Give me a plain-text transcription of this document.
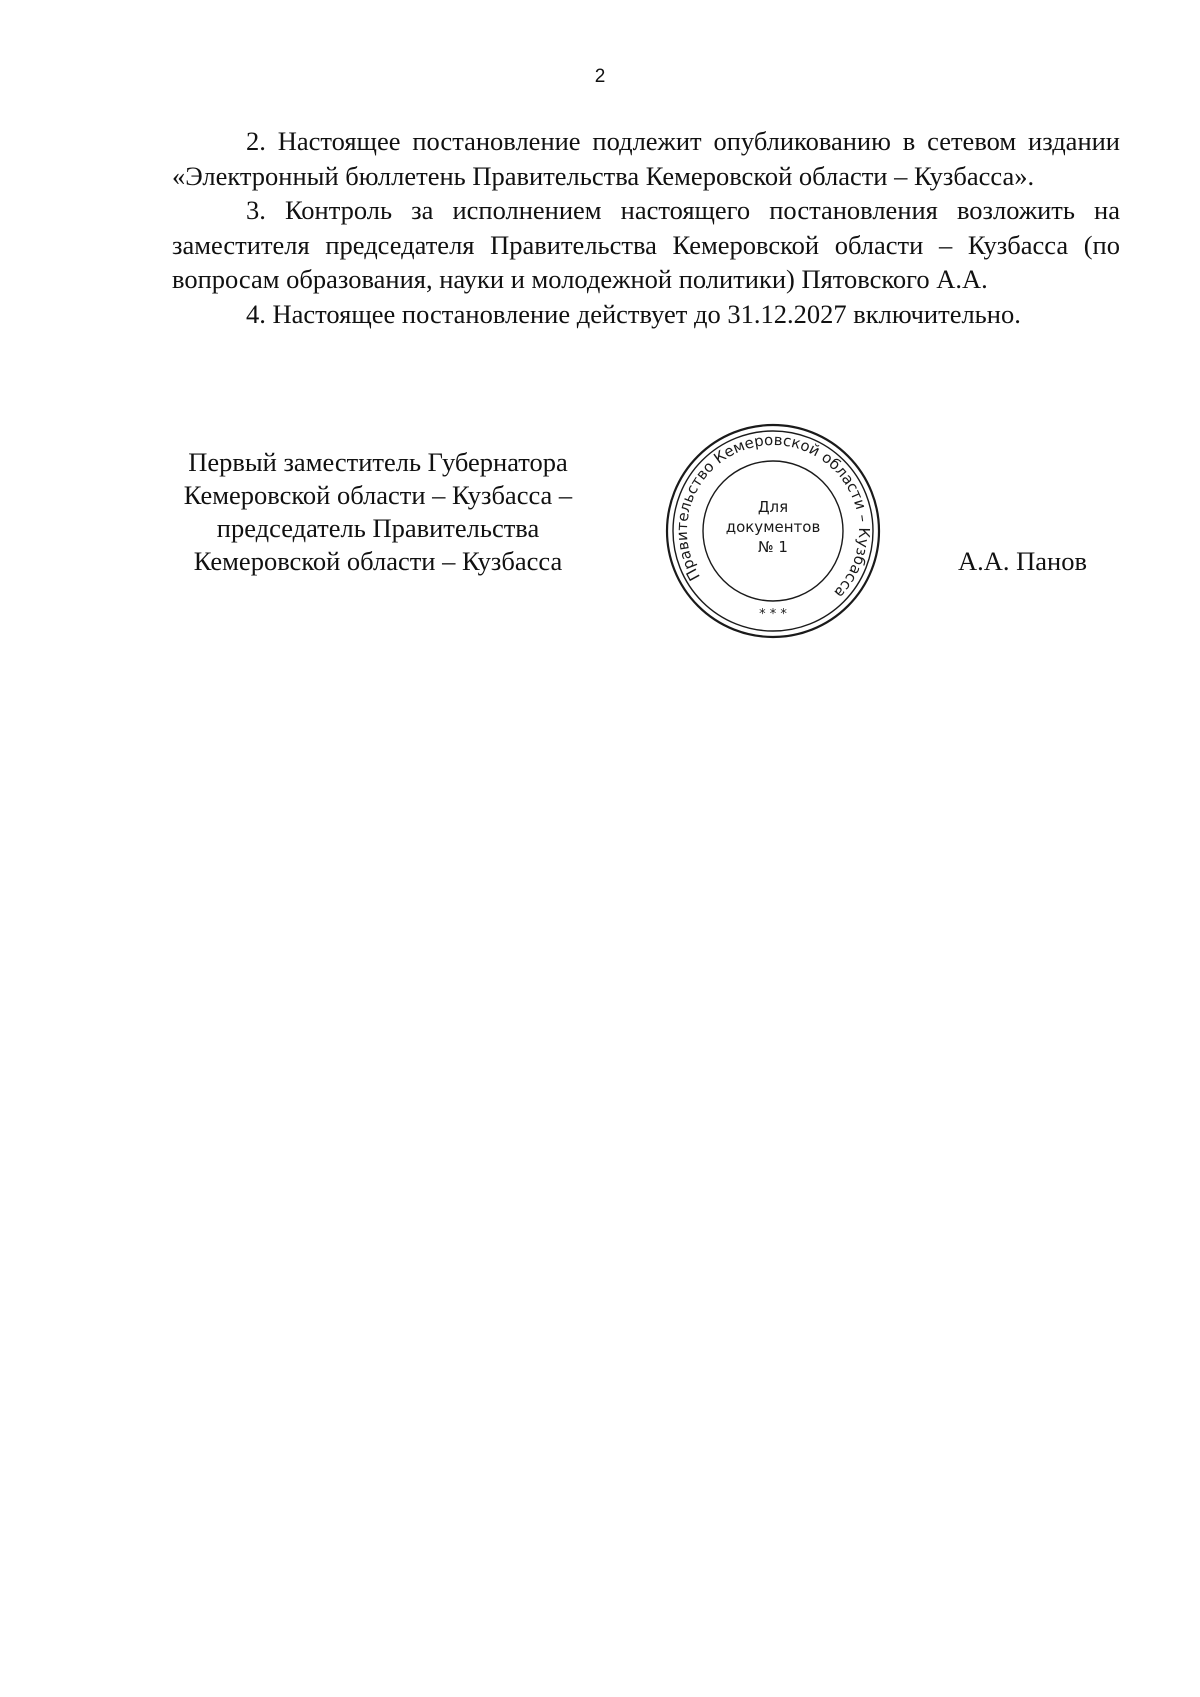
2

2. Настоящее постановление подлежит опубликованию в сетевом издании «Электронный бюллетень Правительства Кемеровской области – Кузбасса».

3. Контроль за исполнением настоящего постановления возложить на заместителя председателя Правительства Кемеровской области – Кузбасса (по вопросам образования, науки и молодежной политики) Пятовского А.А.

4. Настоящее постановление действует до 31.12.2027 включительно.

Первый заместитель Губернатора
Кемеровской области – Кузбасса –
председатель Правительства
Кемеровской области – Кузбасса	Правительство Кемеровской области – Кузбасса
Для
документов
№ 1
* * *
А.А. Панов
